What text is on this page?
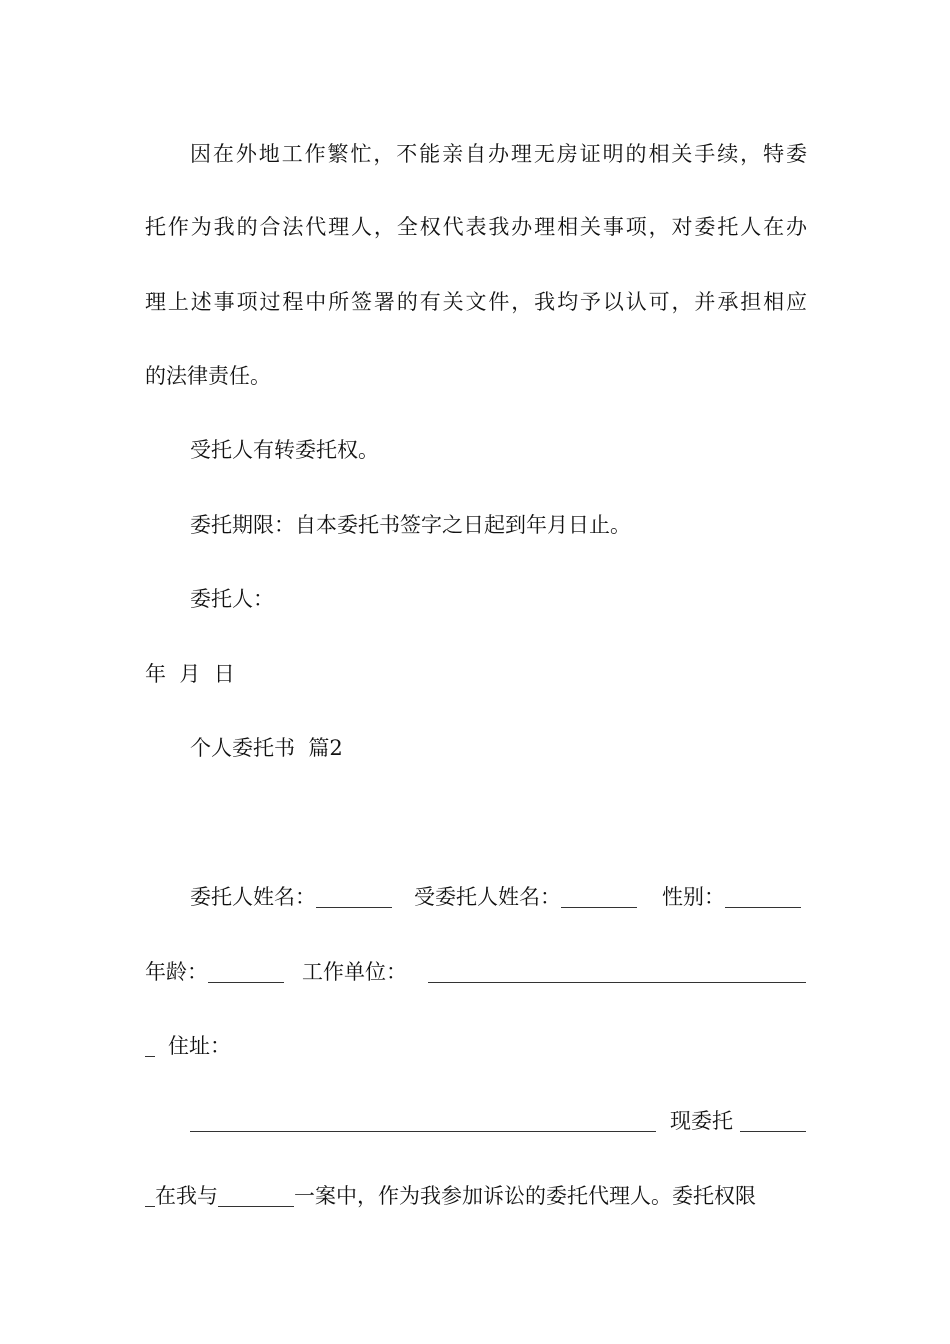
因在外地工作繁忙，不能亲自办理无房证明的相关手续，特委
托作为我的合法代理人，全权代表我办理相关事项，对委托人在办
理上述事项过程中所签署的有关文件，我均予以认可，并承担相应
的法律责任。
受托人有转委托权。
委托期限：自本委托书签字之日起到年月日止。
委托人：
年  月  日
个人委托书  篇2
委托人姓名：	受委托人姓名：	性别：
年龄：	工作单位：
住址：
现委托
在我与	一案中，作为我参加诉讼的委托代理人。委托权限
